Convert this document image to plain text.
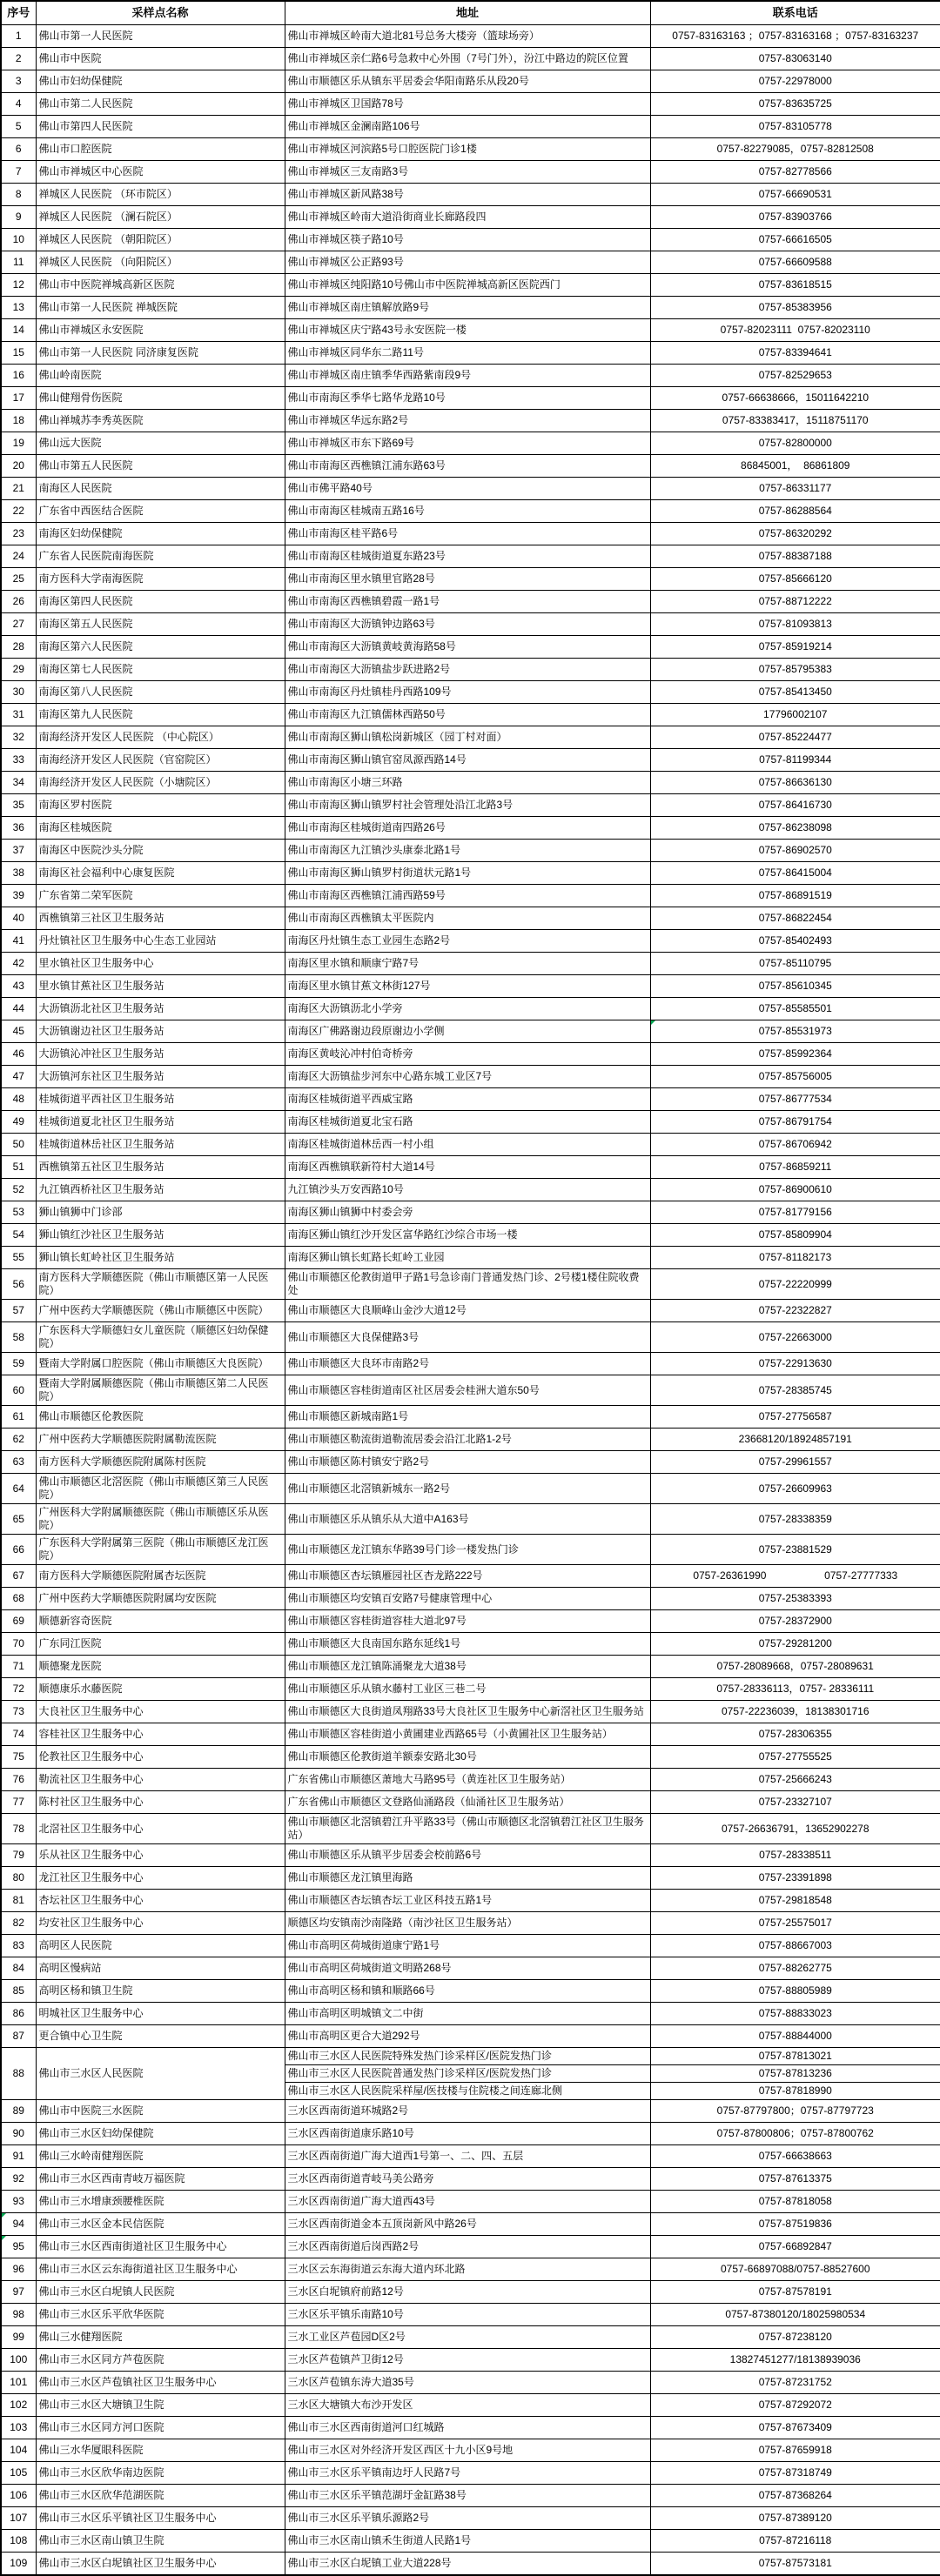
序号	采样点名称	地址	联系电话
1	佛山市第一人民医院	佛山市禅城区岭南大道北81号总务大楼旁（篮球场旁）	0757-83163163 ；0757-83163168 ；0757-83163237
2	佛山市中医院	佛山市禅城区亲仁路6号急救中心外围（7号门外），汾江中路边的院区位置	0757-83063140
3	佛山市妇幼保健院	佛山市顺德区乐从镇东平居委会华阳南路乐从段20号	0757-22978000
4	佛山市第二人民医院	佛山市禅城区卫国路78号	0757-83635725
5	佛山市第四人民医院	佛山市禅城区金澜南路106号	0757-83105778
6	佛山市口腔医院	佛山市禅城区河滨路5号口腔医院门诊1楼	0757-82279085，0757-82812508
7	佛山市禅城区中心医院	佛山市禅城区三友南路3号	0757-82778566
8	禅城区人民医院 （环市院区）	佛山市禅城区新风路38号	0757-66690531
9	禅城区人民医院 （澜石院区）	佛山市禅城区岭南大道沿街商业长廊路段四	0757-83903766
10	禅城区人民医院 （朝阳院区）	佛山市禅城区筷子路10号	0757-66616505
11	禅城区人民医院 （向阳院区）	佛山市禅城区公正路93号	0757-66609588
12	佛山市中医院禅城高新区医院	佛山市禅城区纯阳路10号佛山市中医院禅城高新区医院西门	0757-83618515
13	佛山市第一人民医院 禅城医院	佛山市禅城区南庄镇解放路9号	0757-85383956
14	佛山市禅城区永安医院	佛山市禅城区庆宁路43号永安医院一楼	0757-82023111  0757-82023110
15	佛山市第一人民医院 同济康复医院	佛山市禅城区同华东二路11号	0757-83394641
16	佛山岭南医院	佛山市禅城区南庄镇季华西路紫南段9号	0757-82529653
17	佛山健翔骨伤医院	佛山市南海区季华七路华龙路10号	0757-66638666，15011642210
18	佛山禅城苏李秀英医院	佛山市禅城区华远东路2号	0757-83383417，15118751170
19	佛山远大医院	佛山市禅城区市东下路69号	0757-82800000
20	佛山市第五人民医院	佛山市南海区西樵镇江浦东路63号	86845001，  86861809
21	南海区人民医院	佛山市佛平路40号	0757-86331177
22	广东省中西医结合医院	佛山市南海区桂城南五路16号	0757-86288564
23	南海区妇幼保健院	佛山市南海区桂平路6号	0757-86320292
24	广东省人民医院南海医院	佛山市南海区桂城街道夏东路23号	0757-88387188
25	南方医科大学南海医院	佛山市南海区里水镇里官路28号	0757-85666120
26	南海区第四人民医院	佛山市南海区西樵镇碧霞一路1号	0757-88712222
27	南海区第五人民医院	佛山市南海区大沥镇钟边路63号	0757-81093813
28	南海区第六人民医院	佛山市南海区大沥镇黄岐黄海路58号	0757-85919214
29	南海区第七人民医院	佛山市南海区大沥镇盐步跃进路2号	0757-85795383
30	南海区第八人民医院	佛山市南海区丹灶镇桂丹西路109号	0757-85413450
31	南海区第九人民医院	佛山市南海区九江镇儒林西路50号	17796002107
32	南海经济开发区人民医院 （中心院区）	佛山市南海区狮山镇松岗新城区（园丁村对面）	0757-85224477
33	南海经济开发区人民医院（官窑院区）	佛山市南海区狮山镇官窑凤源西路14号	0757-81199344
34	南海经济开发区人民医院（小塘院区）	佛山市南海区小塘三环路	0757-86636130
35	南海区罗村医院	佛山市南海区狮山镇罗村社会管理处沿江北路3号	0757-86416730
36	南海区桂城医院	佛山市南海区桂城街道南四路26号	0757-86238098
37	南海区中医院沙头分院	佛山市南海区九江镇沙头康泰北路1号	0757-86902570
38	南海区社会福利中心康复医院	佛山市南海区狮山镇罗村街道状元路1号	0757-86415004
39	广东省第二荣军医院	佛山市南海区西樵镇江浦西路59号	0757-86891519
40	西樵镇第三社区卫生服务站	佛山市南海区西樵镇太平医院内	0757-86822454
41	丹灶镇社区卫生服务中心生态工业园站	南海区丹灶镇生态工业园生态路2号	0757-85402493
42	里水镇社区卫生服务中心	南海区里水镇和顺康宁路7号	0757-85110795
43	里水镇甘蕉社区卫生服务站	南海区里水镇甘蕉文林街127号	0757-85610345
44	大沥镇沥北社区卫生服务站	南海区大沥镇沥北小学旁	0757-85585501
45	大沥镇谢边社区卫生服务站	南海区广佛路谢边段原谢边小学侧	0757-85531973
46	大沥镇沁冲社区卫生服务站	南海区黄岐沁冲村伯奇桥旁	0757-85992364
47	大沥镇河东社区卫生服务站	南海区大沥镇盐步河东中心路东城工业区7号	0757-85756005
48	桂城街道平西社区卫生服务站	南海区桂城街道平西威宝路	0757-86777534
49	桂城街道夏北社区卫生服务站	南海区桂城街道夏北宝石路	0757-86791754
50	桂城街道林岳社区卫生服务站	南海区桂城街道林岳西一村小组	0757-86706942
51	西樵镇第五社区卫生服务站	南海区西樵镇联新符村大道14号	0757-86859211
52	九江镇西桥社区卫生服务站	九江镇沙头万安西路10号	0757-86900610
53	狮山镇狮中门诊部	南海区狮山镇狮中村委会旁	0757-81779156
54	狮山镇红沙社区卫生服务站	南海区狮山镇红沙开发区富华路红沙综合市场一楼	0757-85809904
55	狮山镇长虹岭社区卫生服务站	南海区狮山镇长虹路长虹岭工业园	0757-81182173
56	南方医科大学顺德医院（佛山市顺德区第一人民医院）	佛山市顺德区伦教街道甲子路1号急诊南门普通发热门诊、2号楼1楼住院收费处	0757-22220999
57	广州中医药大学顺德医院（佛山市顺德区中医院）	佛山市顺德区大良顺峰山金沙大道12号	0757-22322827
58	广东医科大学顺德妇女儿童医院（顺德区妇幼保健院）	佛山市顺德区大良保健路3号	0757-22663000
59	暨南大学附属口腔医院（佛山市顺德区大良医院）	佛山市顺德区大良环市南路2号	0757-22913630
60	暨南大学附属顺德医院（佛山市顺德区第二人民医院）	佛山市顺德区容桂街道南区社区居委会桂洲大道东50号	0757-28385745
61	佛山市顺德区伦教医院	佛山市顺德区新城南路1号	0757-27756587
62	广州中医药大学顺德医院附属勒流医院	佛山市顺德区勒流街道勒流居委会沿江北路1-2号	23668120/18924857191
63	南方医科大学顺德医院附属陈村医院	佛山市顺德区陈村镇安宁路2号	0757-29961557
64	佛山市顺德区北滘医院（佛山市顺德区第三人民医院）	佛山市顺德区北滘镇新城东一路2号	0757-26609963
65	广州医科大学附属顺德医院（佛山市顺德区乐从医院）	佛山市顺德区乐从镇乐从大道中A163号	0757-28338359
66	广东医科大学附属第三医院（佛山市顺德区龙江医院）	佛山市顺德区龙江镇东华路39号门诊一楼发热门诊	0757-23881529
67	南方医科大学顺德医院附属杏坛医院	佛山市顺德区杏坛镇雁园社区杏龙路222号	0757-26361990                    0757-27777333
68	广州中医药大学顺德医院附属均安医院	佛山市顺德区均安镇百安路7号健康管理中心	0757-25383393
69	顺德新容奇医院	佛山市顺德区容桂街道容桂大道北97号	0757-28372900
70	广东同江医院	佛山市顺德区大良南国东路东延线1号	0757-29281200
71	顺德聚龙医院	佛山市顺德区龙江镇陈涌聚龙大道38号	0757-28089668，0757-28089631
72	顺德康乐水藤医院	佛山市顺德区乐从镇水藤村工业区三巷二号	0757-28336113，0757- 28336111
73	大良社区卫生服务中心	佛山市顺德区大良街道凤翔路33号大良社区卫生服务中心新滘社区卫生服务站	0757-22236039，18138301716
74	容桂社区卫生服务中心	佛山市顺德区容桂街道小黄圃建业西路65号（小黄圃社区卫生服务站）	0757-28306355
75	伦教社区卫生服务中心	佛山市顺德区伦教街道羊额泰安路北30号	0757-27755525
76	勒流社区卫生服务中心	广东省佛山市顺德区萧地大马路95号（黄连社区卫生服务站）	0757-25666243
77	陈村社区卫生服务中心	广东省佛山市顺德区文登路仙涌路段（仙涌社区卫生服务站）	0757-23327107
78	北滘社区卫生服务中心	佛山市顺德区北滘镇碧江升平路33号（佛山市顺德区北滘镇碧江社区卫生服务站）	0757-26636791，13652902278
79	乐从社区卫生服务中心	佛山市顺德区乐从镇平步居委会校前路6号	0757-28338511
80	龙江社区卫生服务中心	佛山市顺德区龙江镇里海路	0757-23391898
81	杏坛社区卫生服务中心	佛山市顺德区杏坛镇杏坛工业区科技五路1号	0757-29818548
82	均安社区卫生服务中心	顺德区均安镇南沙南隆路（南沙社区卫生服务站）	0757-25575017
83	高明区人民医院	佛山市高明区荷城街道康宁路1号	0757-88667003
84	高明区慢病站	佛山市高明区荷城街道文明路268号	0757-88262775
85	高明区杨和镇卫生院	佛山市高明区杨和镇和顺路66号	0757-88805989
86	明城社区卫生服务中心	佛山市高明区明城镇文二中街	0757-88833023
87	更合镇中心卫生院	佛山市高明区更合大道292号	0757-88844000
88	佛山市三水区人民医院	佛山市三水区人民医院特殊发热门诊采样区/医院发热门诊	0757-87813021
		佛山市三水区人民医院普通发热门诊采样区/医院发热门诊	0757-87813236
		佛山市三水区人民医院采样屋/医技楼与住院楼之间连廊北侧	0757-87818990
89	佛山市中医院三水医院	三水区西南街道环城路2号	0757-87797800；0757-87797723
90	佛山市三水区妇幼保健院	三水区西南街道康乐路10号	0757-87800806；0757-87800762
91	佛山三水岭南健翔医院	三水区西南街道广海大道西1号第一、二、四、五层	0757-66638663
92	佛山市三水区西南青岐万福医院	三水区西南街道青岐马美公路旁	0757-87613375
93	佛山市三水增康颈腰椎医院	三水区西南街道广海大道西43号	0757-87818058
94	佛山市三水区金本民信医院	三水区西南街道金本五顶岗新风中路26号	0757-87519836
95	佛山市三水区西南街道社区卫生服务中心	三水区西南街道后岗西路2号	0757-66892847
96	佛山市三水区云东海街道社区卫生服务中心	三水区云东海街道云东海大道内环北路	0757-66897088/0757-88527600
97	佛山市三水区白坭镇人民医院	三水区白坭镇府前路12号	0757-87578191
98	佛山市三水区乐平欣华医院	三水区乐平镇乐南路10号	0757-87380120/18025980534
99	佛山三水健翔医院	三水工业区芦苞园D区2号	0757-87238120
100	佛山市三水区同方芦苞医院	三水区芦苞镇芦卫街12号	13827451277/18138939036
101	佛山市三水区芦苞镇社区卫生服务中心	三水区芦苞镇东涛大道35号	0757-87231752
102	佛山市三水区大塘镇卫生院	三水区大塘镇大布沙开发区	0757-87292072
103	佛山市三水区同方河口医院	佛山市三水区西南街道河口红城路	0757-87673409
104	佛山三水华厦眼科医院	佛山市三水区对外经济开发区西区十九小区9号地	0757-87659918
105	佛山市三水区欣华南边医院	佛山市三水区乐平镇南边圩人民路7号	0757-87318749
106	佛山市三水区欣华范湖医院	佛山市三水区乐平镇范湖圩金缸路38号	0757-87368264
107	佛山市三水区乐平镇社区卫生服务中心	佛山市三水区乐平镇乐源路2号	0757-87389120
108	佛山市三水区南山镇卫生院	佛山市三水区南山镇禾生街道人民路1号	0757-87216118
109	佛山市三水区白坭镇社区卫生服务中心	佛山市三水区白坭镇工业大道228号	0757-87573181
